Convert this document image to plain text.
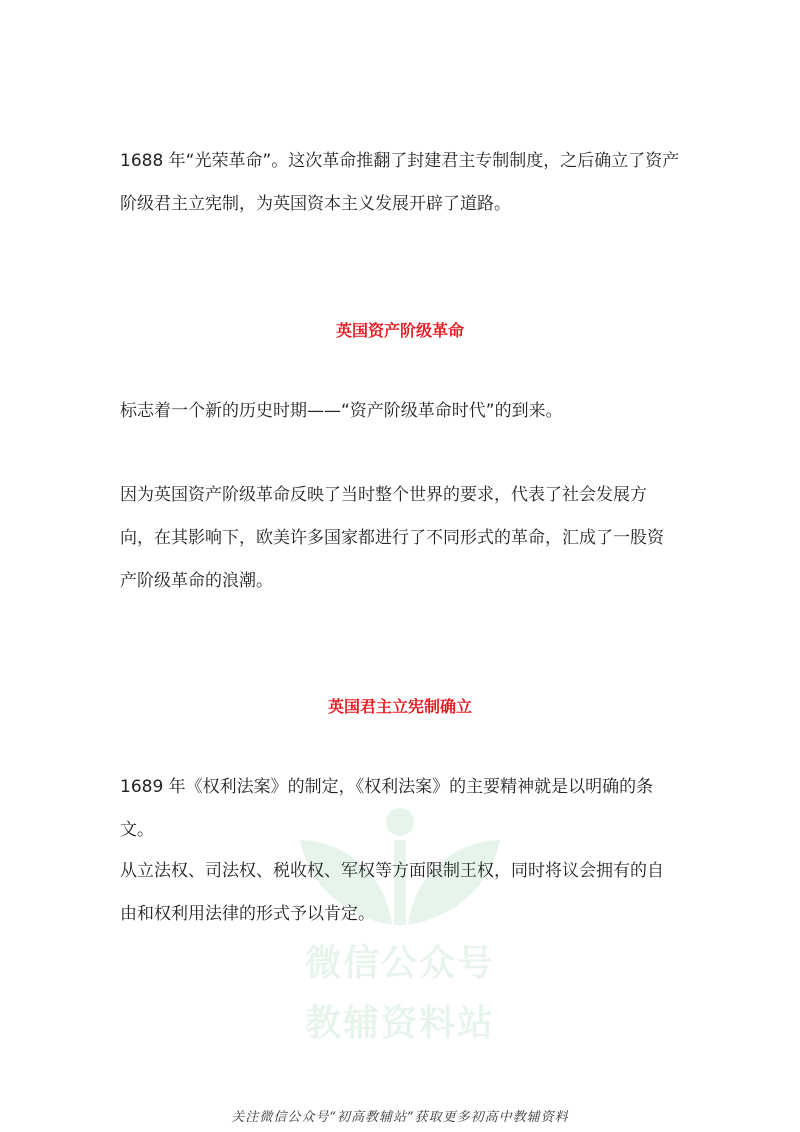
1688 年“光荣革命”。这次革命推翻了封建君主专制制度，之后确立了资产阶级君主立宪制，为英国资本主义发展开辟了道路。

英国资产阶级革命

标志着一个新的历史时期——“资产阶级革命时代”的到来。

因为英国资产阶级革命反映了当时整个世界的要求，代表了社会发展方向，在其影响下，欧美许多国家都进行了不同形式的革命，汇成了一股资产阶级革命的浪潮。

英国君主立宪制确立

1689 年《权利法案》的制定，《权利法案》的主要精神就是以明确的条文。

从立法权、司法权、税收权、军权等方面限制王权，同时将议会拥有的自由和权利用法律的形式予以肯定。

微信公众号
教辅资料站
关注微信公众号“初高教辅站”获取更多初高中教辅资料
